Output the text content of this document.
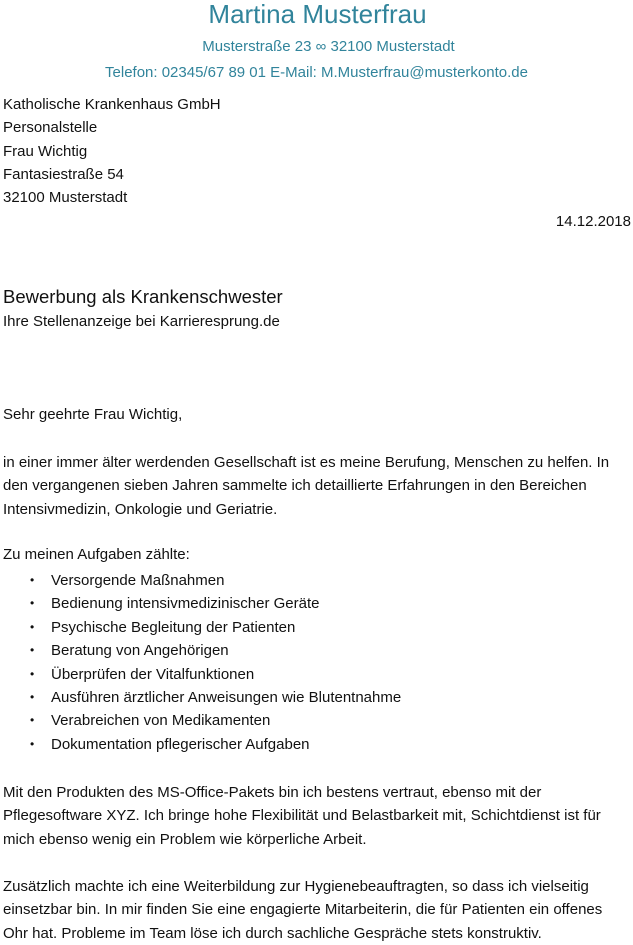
Martina Musterfrau
Musterstraße 23 ∞ 32100 Musterstadt
Telefon: 02345/67 89 01 E-Mail: M.Musterfrau@musterkonto.de
Katholische Krankenhaus GmbH
Personalstelle
Frau Wichtig
Fantasiestraße 54
32100 Musterstadt
14.12.2018
Bewerbung als Krankenschwester
Ihre Stellenanzeige bei Karrieresprung.de
Sehr geehrte Frau Wichtig,
in einer immer älter werdenden Gesellschaft ist es meine Berufung, Menschen zu helfen. In
den vergangenen sieben Jahren sammelte ich detaillierte Erfahrungen in den Bereichen
Intensivmedizin, Onkologie und Geriatrie.
Zu meinen Aufgaben zählte:
• Versorgende Maßnahmen
• Bedienung intensivmedizinischer Geräte
• Psychische Begleitung der Patienten
• Beratung von Angehörigen
• Überprüfen der Vitalfunktionen
• Ausführen ärztlicher Anweisungen wie Blutentnahme
• Verabreichen von Medikamenten
• Dokumentation pflegerischer Aufgaben
Mit den Produkten des MS-Office-Pakets bin ich bestens vertraut, ebenso mit der
Pflegesoftware XYZ. Ich bringe hohe Flexibilität und Belastbarkeit mit, Schichtdienst ist für
mich ebenso wenig ein Problem wie körperliche Arbeit.
Zusätzlich machte ich eine Weiterbildung zur Hygienebeauftragten, so dass ich vielseitig
einsetzbar bin. In mir finden Sie eine engagierte Mitarbeiterin, die für Patienten ein offenes
Ohr hat. Probleme im Team löse ich durch sachliche Gespräche stets konstruktiv.
